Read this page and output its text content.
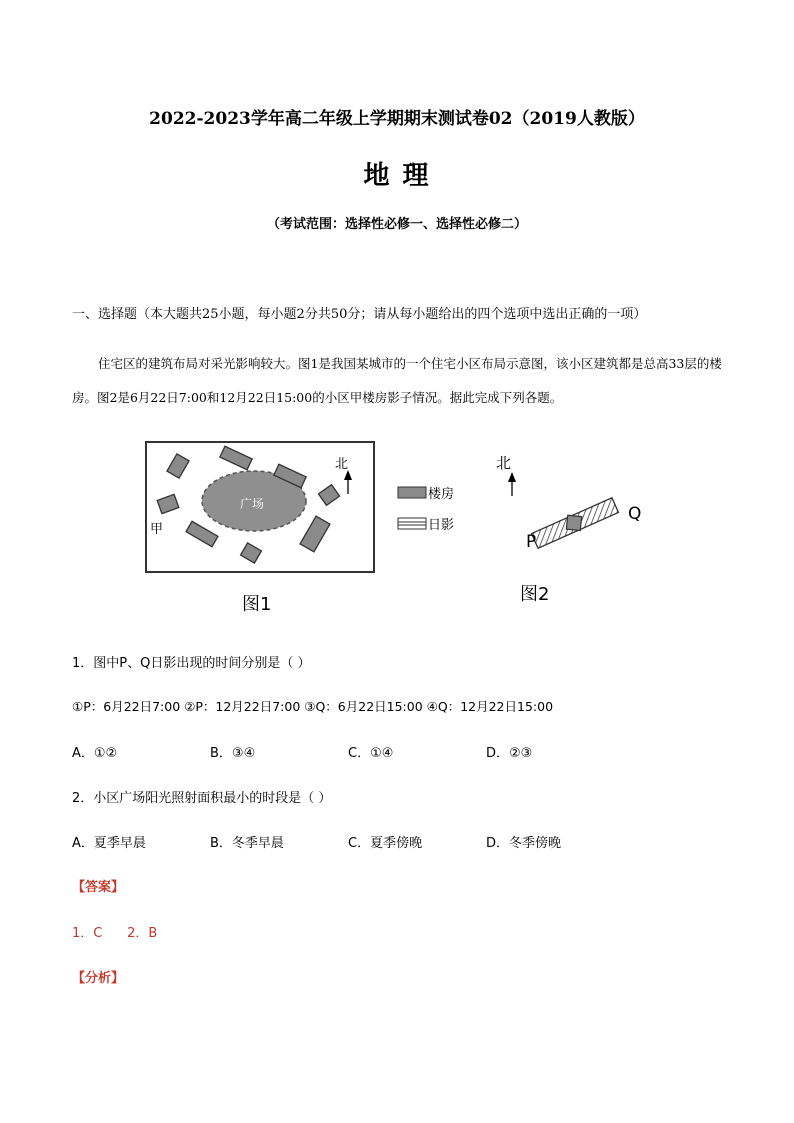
2022-2023学年高二年级上学期期末测试卷02（2019人教版）
地 理
（考试范围：选择性必修一、选择性必修二）
一、选择题（本大题共25小题，每小题2分共50分；请从每小题给出的四个选项中选出正确的一项）
住宅区的建筑布局对采光影响较大。图1是我国某城市的一个住宅小区布局示意图，该小区建筑都是总高33层的楼房。图2是6月22日7:00和12月22日15:00的小区甲楼房影子情况。据此完成下列各题。
广场
甲
北
图1
楼房
日影
北
P
Q
图2
1．图中P、Q日影出现的时间分别是（ ）
①P：6月22日7:00 ②P：12月22日7:00 ③Q：6月22日15:00 ④Q：12月22日15:00
A．①②	B．③④	C．①④	D．②③
2．小区广场阳光照射面积最小的时段是（ ）
A．夏季早晨	B．冬季早晨	C．夏季傍晚	D．冬季傍晚
【答案】
1．C      2．B
【分析】
